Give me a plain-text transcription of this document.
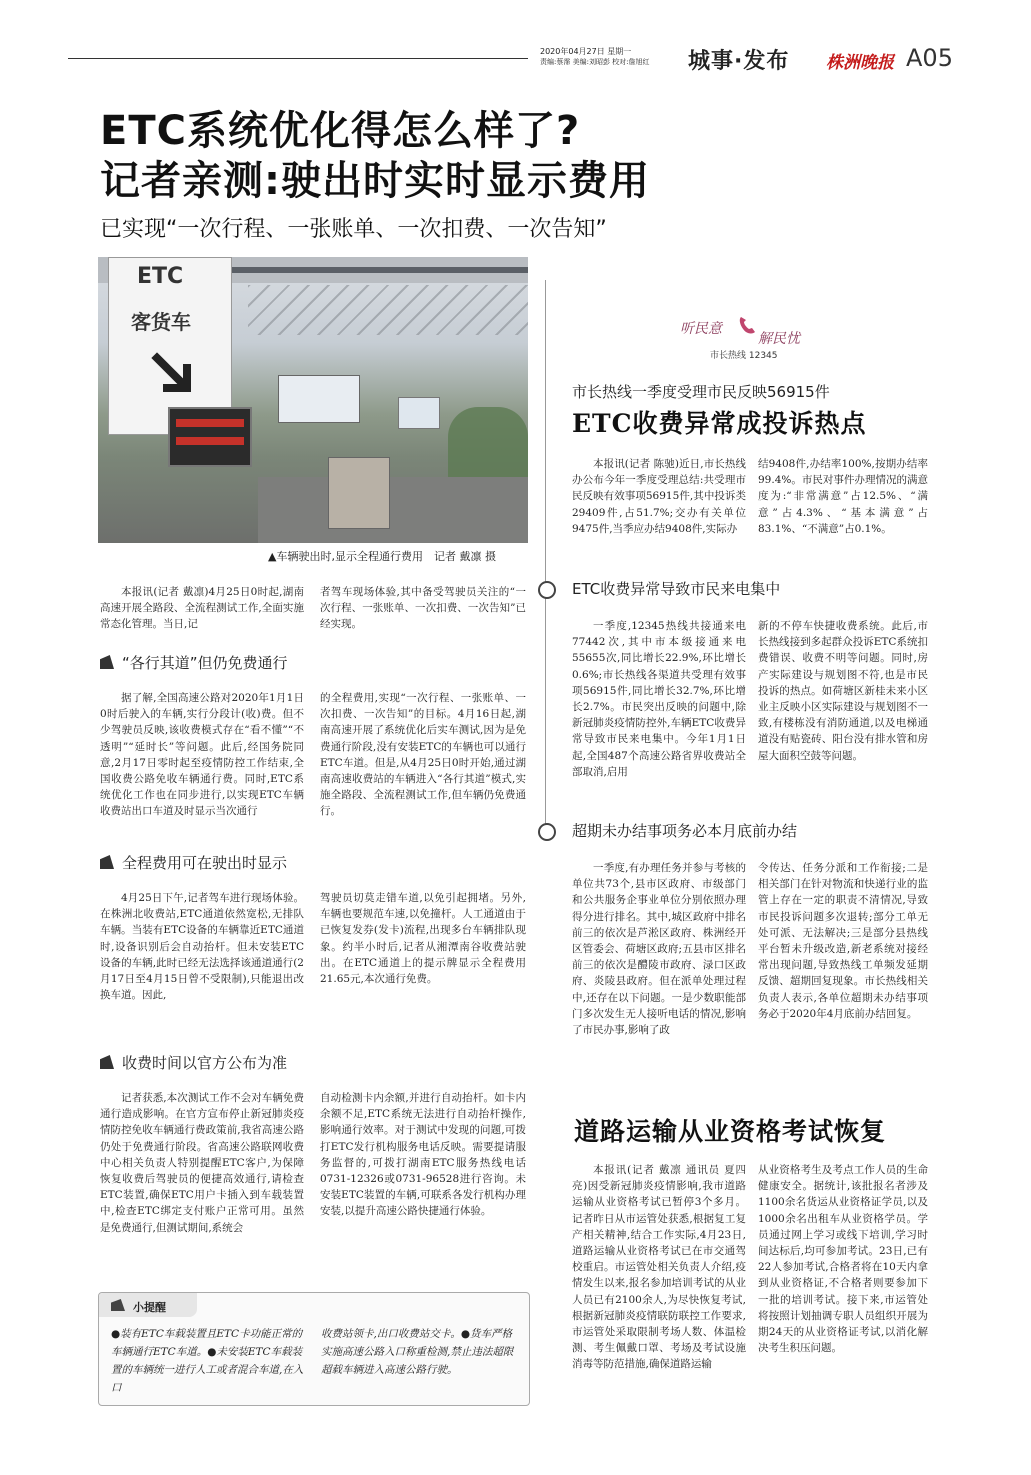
2020年04月27日 星期一
责编:蔡霈 美编:刘昭彭 校对:詹旭红	城事·发布 株洲晚报 A05
ETC系统优化得怎么样了?
记者亲测:驶出时实时显示费用
已实现“一次行程、一张账单、一次扣费、一次告知”
ETC
客货车
▲车辆驶出时,显示全程通行费用　记者 戴凛 摄

本报讯(记者 戴凛)4月25日0时起,湖南高速开展全路段、全流程测试工作,全面实施常态化管理。当日,记

者驾车现场体验,其中备受驾驶员关注的“一次行程、一张账单、一次扣费、一次告知”已经实现。

“各行其道”但仍免费通行

据了解,全国高速公路对2020年1月1日0时后驶入的车辆,实行分段计(收)费。但不少驾驶员反映,该收费模式存在“看不懂”“不透明”“延时长”等问题。此后,经国务院同意,2月17日零时起至疫情防控工作结束,全国收费公路免收车辆通行费。同时,ETC系统优化工作也在同步进行,以实现ETC车辆收费站出口车道及时显示当次通行

的全程费用,实现“一次行程、一张账单、一次扣费、一次告知”的目标。4月16日起,湖南高速开展了系统优化后实车测试,因为是免费通行阶段,没有安装ETC的车辆也可以通行ETC车道。但是,从4月25日0时开始,通过湖南高速收费站的车辆进入“各行其道”模式,实施全路段、全流程测试工作,但车辆仍免费通行。

全程费用可在驶出时显示

4月25日下午,记者驾车进行现场体验。在株洲北收费站,ETC通道依然宽松,无排队车辆。当装有ETC设备的车辆靠近ETC通道时,设备识别后会自动抬杆。但未安装ETC设备的车辆,此时已经无法选择该通道通行(2月17日至4月15日曾不受限制),只能退出改换车道。因此,

驾驶员切莫走错车道,以免引起拥堵。另外,车辆也要规范车速,以免撞杆。人工通道由于已恢复发券(发卡)流程,出现多台车辆排队现象。约半小时后,记者从湘潭南谷收费站驶出。在ETC通道上的提示牌显示全程费用21.65元,本次通行免费。

收费时间以官方公布为准

记者获悉,本次测试工作不会对车辆免费通行造成影响。在官方宣布停止新冠肺炎疫情防控免收车辆通行费政策前,我省高速公路仍处于免费通行阶段。省高速公路联网收费中心相关负责人特别提醒ETC客户,为保障恢复收费后驾驶员的便捷高效通行,请检查ETC装置,确保ETC用户卡插入到车载装置中,检查ETC绑定支付账户正常可用。虽然是免费通行,但测试期间,系统会

自动检测卡内余额,并进行自动抬杆。如卡内余额不足,ETC系统无法进行自动抬杆操作,影响通行效率。对于测试中发现的问题,可拨打ETC发行机构服务电话反映。需要提请服务监督的,可拨打湖南ETC服务热线电话0731-12326或0731-96528进行咨询。未安装ETC装置的车辆,可联系各发行机构办理安装,以提升高速公路快捷通行体验。

小提醒
●装有ETC车载装置且ETC卡功能正常的车辆通行ETC车道。●未安装ETC车载装置的车辆统一进行人工或者混合车道,在入口
收费站领卡,出口收费站交卡。●货车严格实施高速公路入口称重检测,禁止违法超限超载车辆进入高速公路行驶。
听民意
解民忧
市长热线 12345
市长热线一季度受理市民反映56915件
ETC收费异常成投诉热点

本报讯(记者 陈驰)近日,市长热线办公布今年一季度受理总结:共受理市民反映有效事项56915件,其中投诉类29409件,占51.7%;交办有关单位9475件,当季应办结9408件,实际办

结9408件,办结率100%,按期办结率99.4%。市民对事件办理情况的满意度为:“非常满意”占12.5%、“满意”占4.3%、“基本满意”占83.1%、“不满意”占0.1%。

ETC收费异常导致市民来电集中

一季度,12345热线共接通来电77442次,其中市本级接通来电55655次,同比增长22.9%,环比增长0.6%;市长热线各渠道共受理有效事项56915件,同比增长32.7%,环比增长2.7%。市民突出反映的问题中,除新冠肺炎疫情防控外,车辆ETC收费异常导致市民来电集中。今年1月1日起,全国487个高速公路省界收费站全部取消,启用

新的不停车快捷收费系统。此后,市长热线接到多起群众投诉ETC系统扣费错误、收费不明等问题。同时,房产实际建设与规划图不符,也是市民投诉的热点。如荷塘区新桂未来小区业主反映小区实际建设与规划图不一致,有楼栋没有消防通道,以及电梯通道没有贴瓷砖、阳台没有排水管和房屋大面积空鼓等问题。

超期未办结事项务必本月底前办结

一季度,有办理任务并参与考核的单位共73个,县市区政府、市级部门和公共服务企事业单位分别依照办理得分进行排名。其中,城区政府中排名前三的依次是芦淞区政府、株洲经开区管委会、荷塘区政府;五县市区排名前三的依次是醴陵市政府、渌口区政府、炎陵县政府。但在派单处理过程中,还存在以下问题。一是少数职能部门多次发生无人接听电话的情况,影响了市民办事,影响了政

令传达、任务分派和工作衔接;二是相关部门在针对物流和快递行业的监管上存在一定的职责不清情况,导致市民投诉问题多次退转;部分工单无处可派、无法解决;三是部分县热线平台暂未升级改造,新老系统对接经常出现问题,导致热线工单频发延期反馈、超期回复现象。市长热线相关负责人表示,各单位超期未办结事项务必于2020年4月底前办结回复。

道路运输从业资格考试恢复

本报讯(记者 戴凛 通讯员 夏四亮)因受新冠肺炎疫情影响,我市道路运输从业资格考试已暂停3个多月。记者昨日从市运管处获悉,根据复工复产相关精神,结合工作实际,4月23日,道路运输从业资格考试已在市交通驾校重启。市运管处相关负责人介绍,疫情发生以来,报名参加培训考试的从业人员已有2100余人,为尽快恢复考试,根据新冠肺炎疫情联防联控工作要求,市运管处采取限制考场人数、体温检测、考生佩戴口罩、考场及考试设施消毒等防范措施,确保道路运输

从业资格考生及考点工作人员的生命健康安全。据统计,该批报名者涉及1100余名货运从业资格证学员,以及1000余名出租车从业资格学员。学员通过网上学习或线下培训,学习时间达标后,均可参加考试。23日,已有22人参加考试,合格者将在10天内拿到从业资格证,不合格者则要参加下一批的培训考试。接下来,市运管处将按照计划抽调专职人员组织开展为期24天的从业资格证考试,以消化解决考生积压问题。
